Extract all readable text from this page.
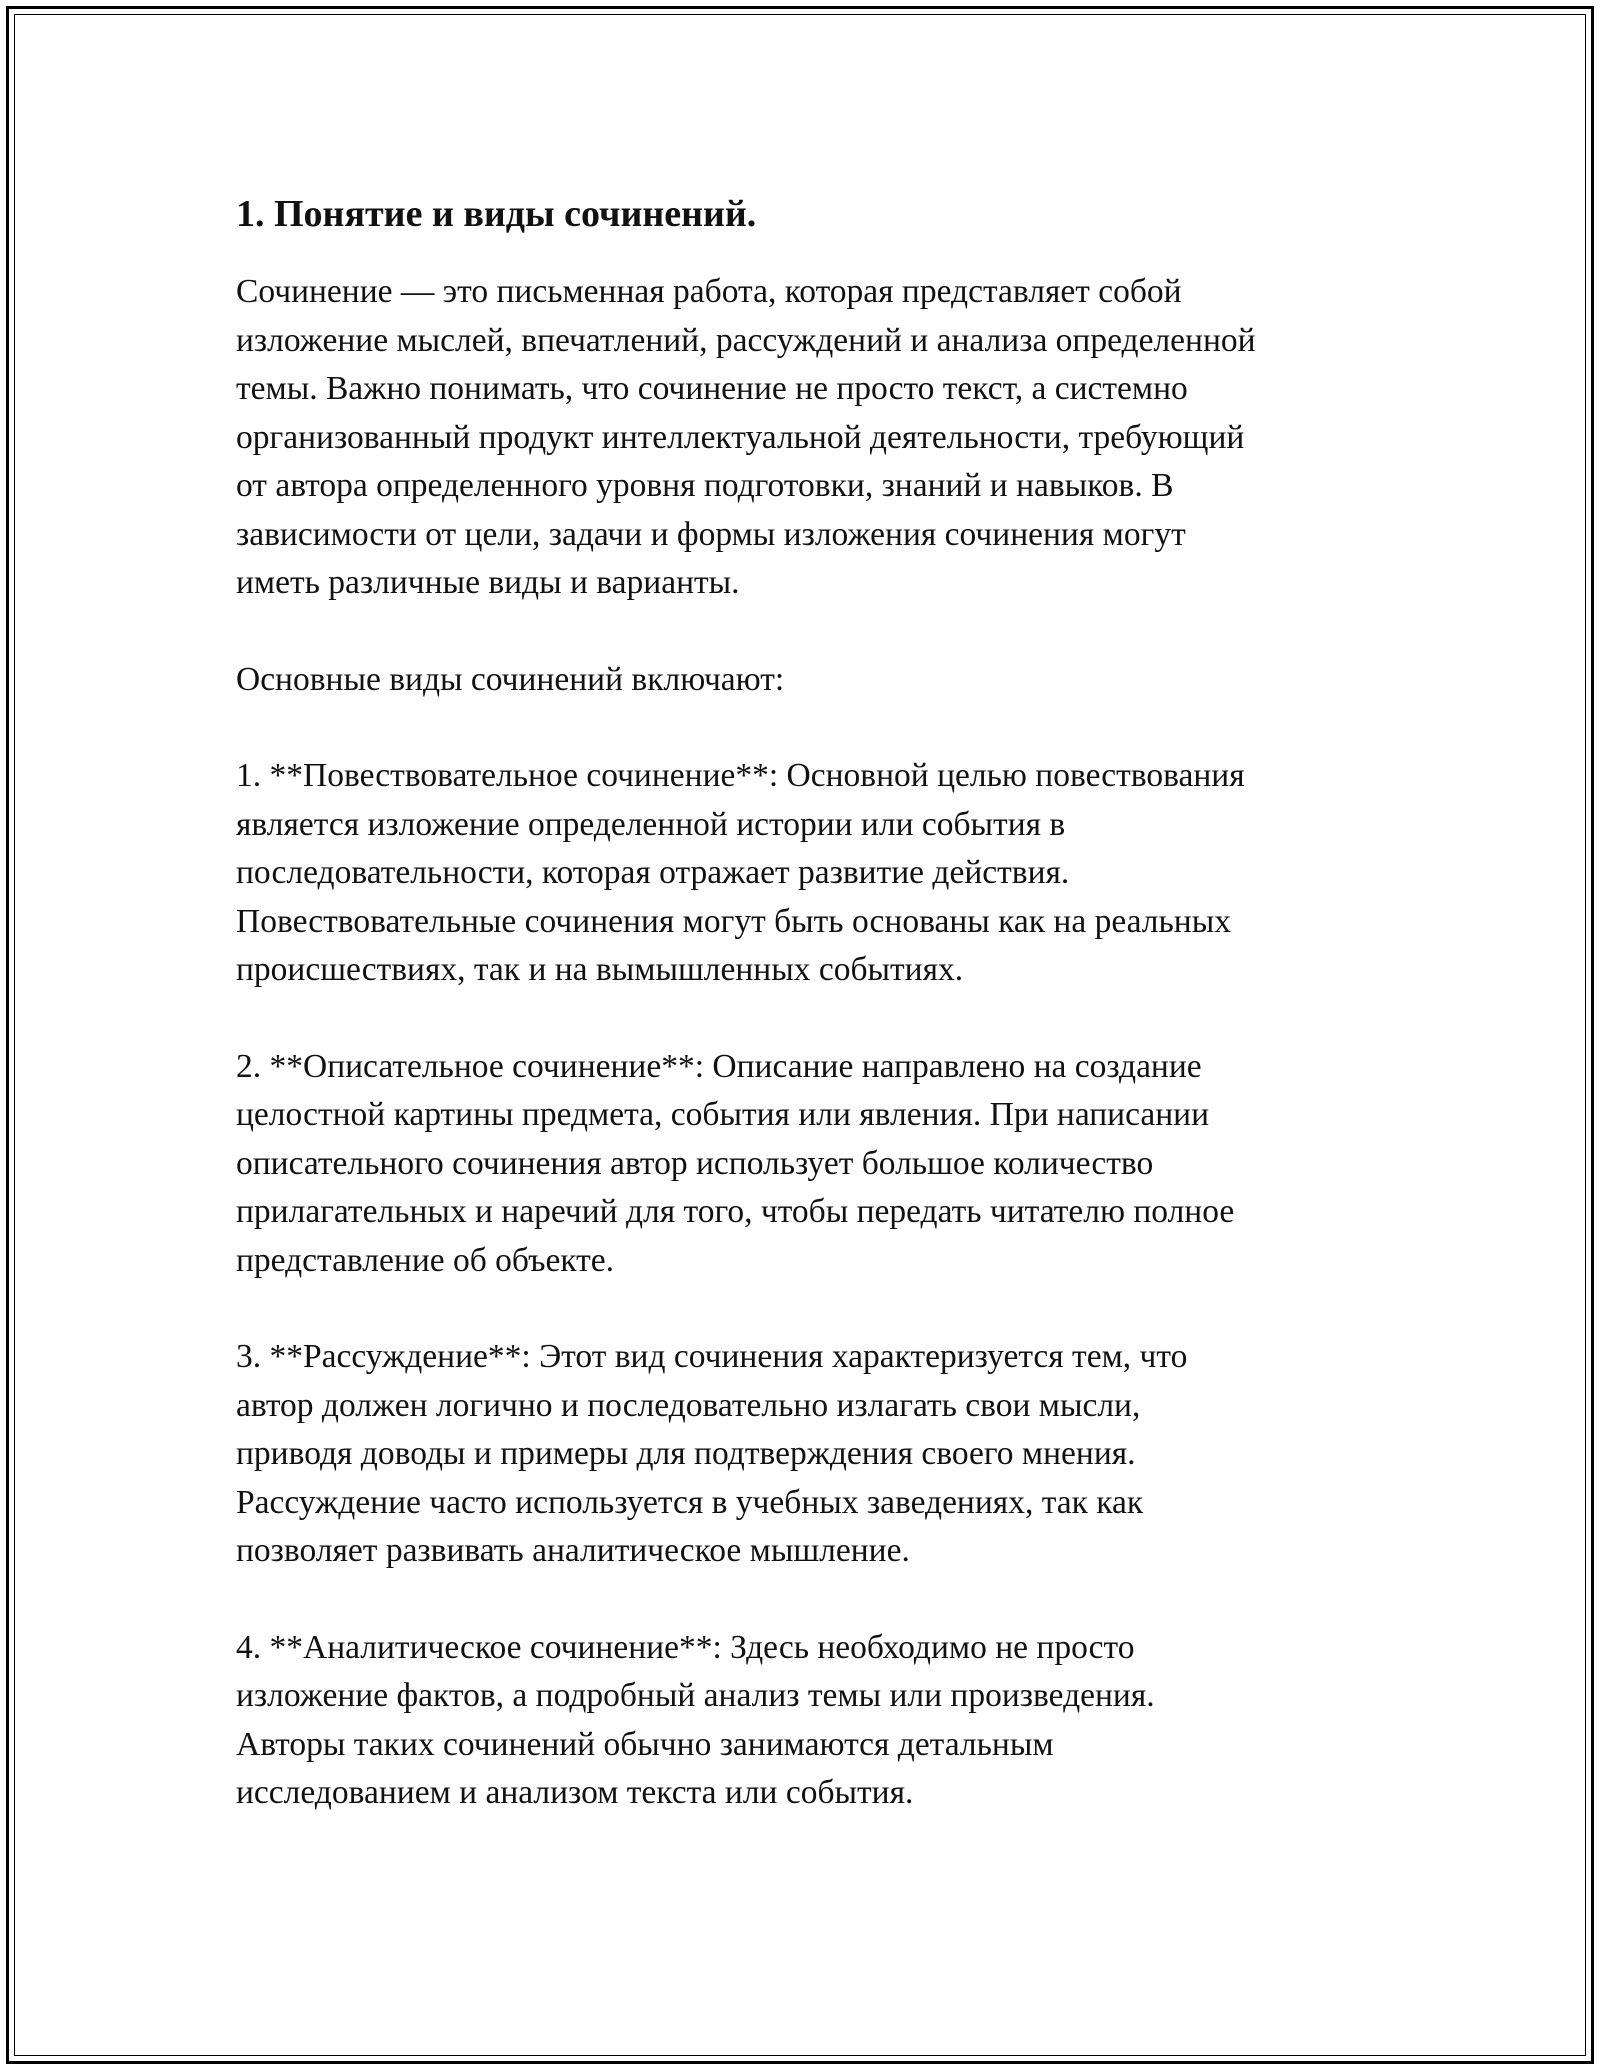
1. Понятие и виды сочинений.

Сочинение — это письменная работа, которая представляет собой
изложение мыслей, впечатлений, рассуждений и анализа определенной
темы. Важно понимать, что сочинение не просто текст, а системно
организованный продукт интеллектуальной деятельности, требующий
от автора определенного уровня подготовки, знаний и навыков. В
зависимости от цели, задачи и формы изложения сочинения могут
иметь различные виды и варианты.

Основные виды сочинений включают:

1. **Повествовательное сочинение**: Основной целью повествования
является изложение определенной истории или события в
последовательности, которая отражает развитие действия.
Повествовательные сочинения могут быть основаны как на реальных
происшествиях, так и на вымышленных событиях.

2. **Описательное сочинение**: Описание направлено на создание
целостной картины предмета, события или явления. При написании
описательного сочинения автор использует большое количество
прилагательных и наречий для того, чтобы передать читателю полное
представление об объекте.

3. **Рассуждение**: Этот вид сочинения характеризуется тем, что
автор должен логично и последовательно излагать свои мысли,
приводя доводы и примеры для подтверждения своего мнения.
Рассуждение часто используется в учебных заведениях, так как
позволяет развивать аналитическое мышление.

4. **Аналитическое сочинение**: Здесь необходимо не просто
изложение фактов, а подробный анализ темы или произведения.
Авторы таких сочинений обычно занимаются детальным
исследованием и анализом текста или события.
